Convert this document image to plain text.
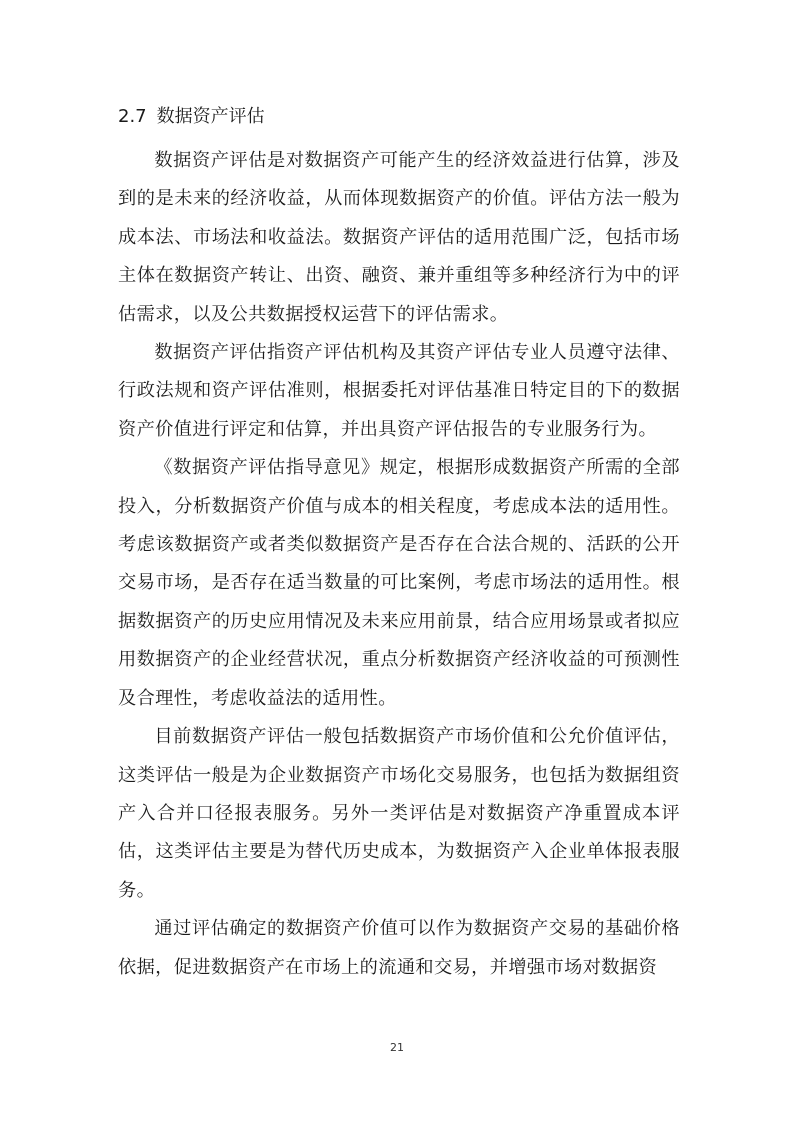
2.7 数据资产评估

数据资产评估是对数据资产可能产生的经济效益进行估算，涉及到的是未来的经济收益，从而体现数据资产的价值。评估方法一般为成本法、市场法和收益法。数据资产评估的适用范围广泛，包括市场主体在数据资产转让、出资、融资、兼并重组等多种经济行为中的评估需求，以及公共数据授权运营下的评估需求。

数据资产评估指资产评估机构及其资产评估专业人员遵守法律、行政法规和资产评估准则，根据委托对评估基准日特定目的下的数据资产价值进行评定和估算，并出具资产评估报告的专业服务行为。

《数据资产评估指导意见》规定，根据形成数据资产所需的全部投入，分析数据资产价值与成本的相关程度，考虑成本法的适用性。考虑该数据资产或者类似数据资产是否存在合法合规的、活跃的公开交易市场，是否存在适当数量的可比案例，考虑市场法的适用性。根据数据资产的历史应用情况及未来应用前景，结合应用场景或者拟应用数据资产的企业经营状况，重点分析数据资产经济收益的可预测性及合理性，考虑收益法的适用性。

目前数据资产评估一般包括数据资产市场价值和公允价值评估，这类评估一般是为企业数据资产市场化交易服务，也包括为数据组资产入合并口径报表服务。另外一类评估是对数据资产净重置成本评估，这类评估主要是为替代历史成本，为数据资产入企业单体报表服务。

通过评估确定的数据资产价值可以作为数据资产交易的基础价格依据，促进数据资产在市场上的流通和交易，并增强市场对数据资

21
